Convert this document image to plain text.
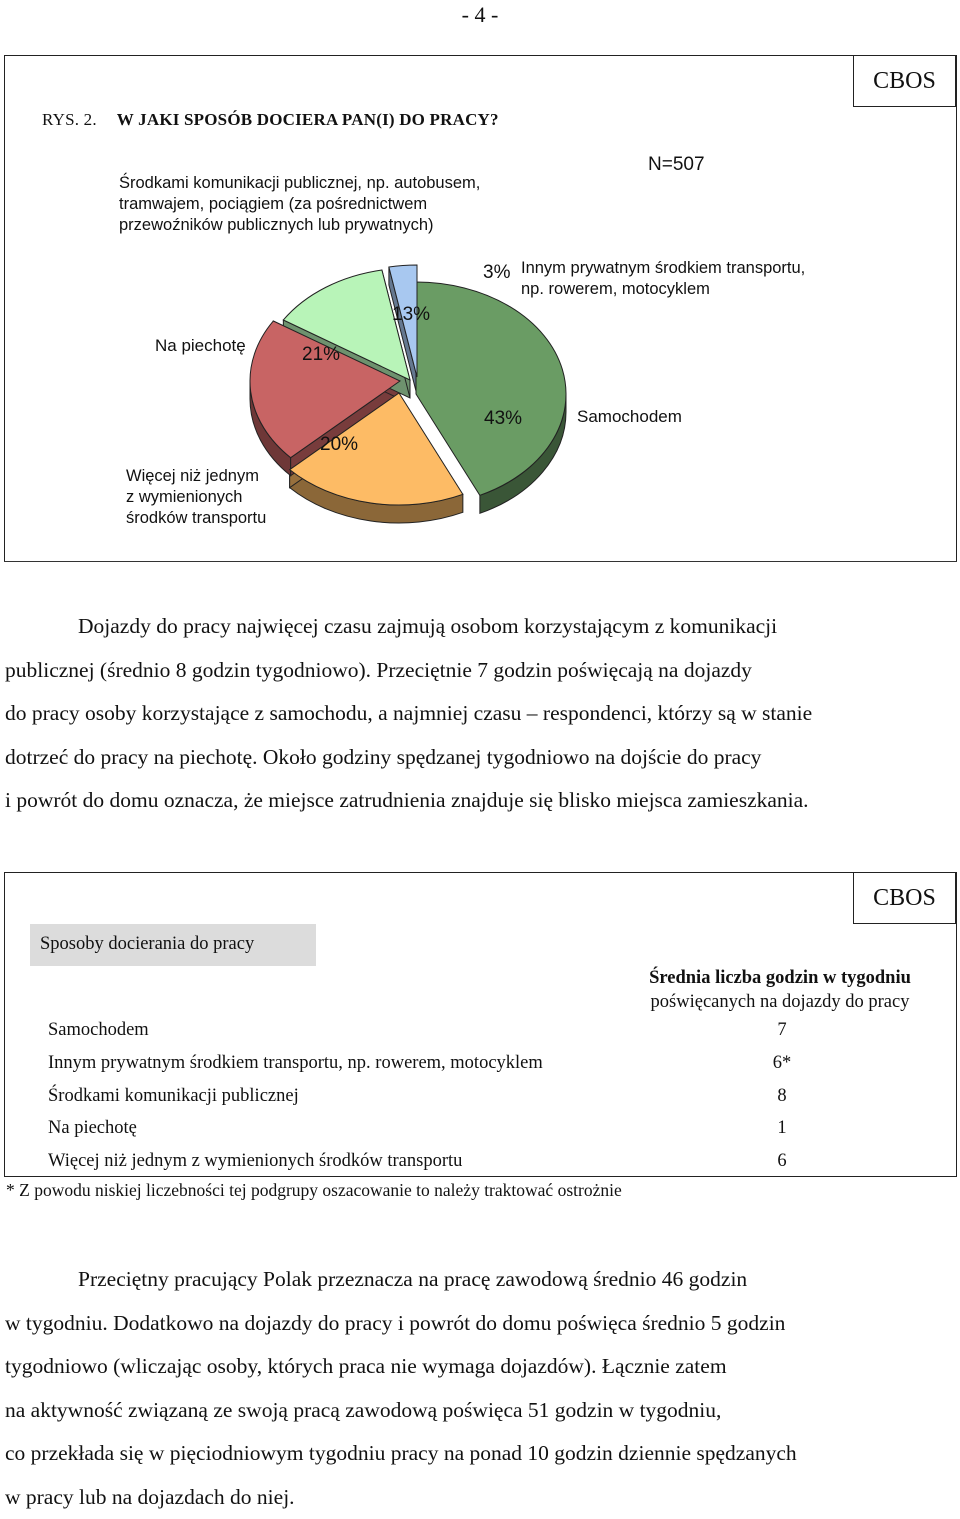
- 4 -
CBOS
RYS. 2. W JAKI SPOSÓB DOCIERA PAN(I) DO PRACY?
N=507
Środkami komunikacji publicznej, np. autobusem,
tramwajem, pociągiem (za pośrednictwem
przewoźników publicznych lub prywatnych)
Na piechotę
Innym prywatnym środkiem transportu,
np. rowerem, motocyklem
Samochodem
Więcej niż jednym
z wymienionych
środków transportu
43%
20%
21%
13%
3%

Dojazdy do pracy najwięcej czasu zajmują osobom korzystającym z komunikacji

publicznej (średnio 8 godzin tygodniowo). Przeciętnie 7 godzin poświęcają na dojazdy

do pracy osoby korzystające z samochodu, a najmniej czasu – respondenci, którzy są w stanie

dotrzeć do pracy na piechotę. Około godziny spędzanej tygodniowo na dojście do pracy

i powrót do domu oznacza, że miejsce zatrudnienia znajduje się blisko miejsca zamieszkania.

CBOS
Sposoby docierania do pracy
Średnia liczba godzin w tygodniu
poświęcanych na dojazdy do pracy
Samochodem	7
Innym prywatnym środkiem transportu, np. rowerem, motocyklem	6*
Środkami komunikacji publicznej	8
Na piechotę	1
Więcej niż jednym z wymienionych środków transportu	6
* Z powodu niskiej liczebności tej podgrupy oszacowanie to należy traktować ostrożnie

Przeciętny pracujący Polak przeznacza na pracę zawodową średnio 46 godzin

w tygodniu. Dodatkowo na dojazdy do pracy i powrót do domu poświęca średnio 5 godzin

tygodniowo (wliczając osoby, których praca nie wymaga dojazdów). Łącznie zatem

na aktywność związaną ze swoją pracą zawodową poświęca 51 godzin w tygodniu,

co przekłada się w pięciodniowym tygodniu pracy na ponad 10 godzin dziennie spędzanych

w pracy lub na dojazdach do niej.
